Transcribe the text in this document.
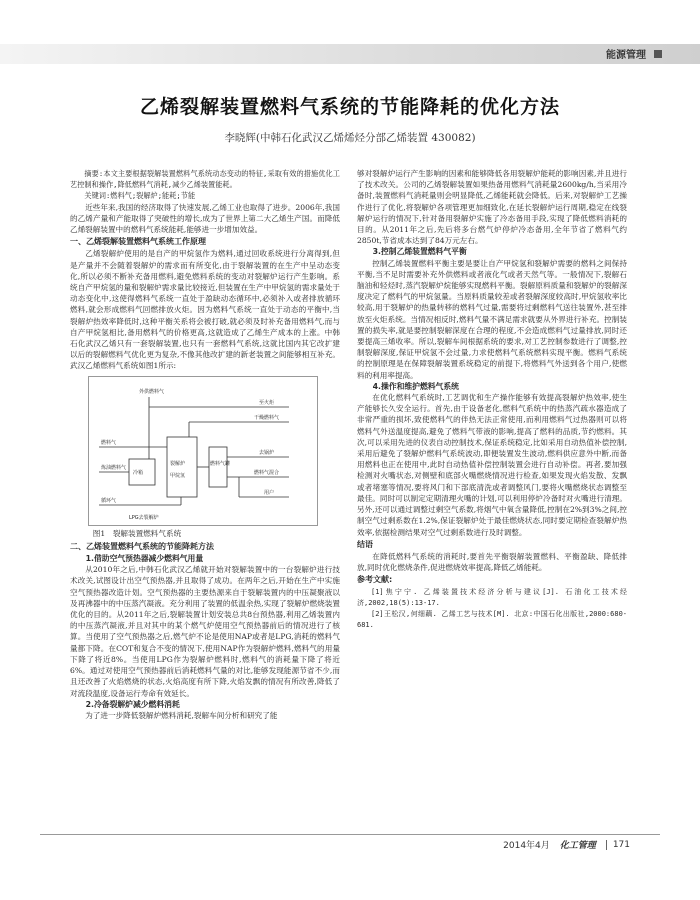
能源管理
乙烯裂解装置燃料气系统的节能降耗的优化方法
李晓辉(中韩石化武汉乙烯烯烃分部乙烯装置 430082)

摘要:本文主要根据裂解装置燃料气系统动态变动的特征,采取有效的措施优化工艺控制和操作,降低燃料气消耗,减少乙烯装置能耗。

关键词:燃料气;裂解炉;能耗;节能

近些年来,我国的经济取得了快速发展,乙烯工业也取得了进步。2006年,我国的乙烯产量和产能取得了突破性的增长,成为了世界上第二大乙烯生产国。而降低乙烯裂解装置中的燃料气系统能耗,能够进一步增加效益。

一、乙烯裂解装置燃料气系统工作原理

乙烯裂解炉使用的是自产的甲烷氢作为燃料,通过回收系统进行分离得到,但是产量并不会随着裂解炉的需求而有所变化,由于裂解装置的在生产中呈动态变化,所以必须不断补充备用燃料,避免燃料系统的变动对裂解炉运行产生影响。系统自产甲烷氢的量和裂解炉需求量比较接近,但装置在生产中甲烷氢的需求量处于动态变化中,这使得燃料气系统一直处于盈缺动态循环中,必须补入或者排放循环燃料,就会形成燃料气回燃排放火炬。因为燃料气系统一直处于动态的平衡中,当裂解炉热效率降低时,这种平衡关系将会被打破,就必须及时补充备用燃料气,而与自产甲烷氢相比,备用燃料气的价格更高,这就造成了乙烯生产成本的上涨。中韩石化武汉乙烯只有一套裂解装置,也只有一套燃料气系统,这就比国内其它改扩建以后的裂解燃料气优化更为复杂,不像其他改扩建的新老装置之间能够相互补充。武汉乙烯燃料气系统如图1所示:

外供燃料气
至火炬
干燥燃料气
燃料气
裂解炉
甲烷氢
炼油燃料气
冷箱
燃料气罐
去锅炉
燃料气混合
用户
循环气
LPG去裂解炉
图1　裂解装置燃料气系统
二、乙烯装置燃料气系统的节能降耗方法
1.借助空气预热器减少燃料气用量

从2010年之后,中韩石化武汉乙烯就开始对裂解装置中的一台裂解炉进行技术改关,试图设计出空气预热器,并且取得了成功。在两年之后,开始在生产中实施空气预热器改造计划。空气预热器的主要热源来自于裂解装置内的中压凝聚液以及再沸器中的中压蒸汽凝液。充分利用了装置的低温余热,实现了裂解炉燃烧装置优化的目的。从2011年之后,裂解装置计划安装总共8台预热器,利用乙烯装置内的中压蒸汽凝液,并且对其中的某个燃气炉使用空气预热器前后的情况进行了核算。当使用了空气预热器之后,燃气炉不论是使用NAP或者是LPG,消耗的燃料气量都下降。在COT和复合不变的情况下,使用NAP作为裂解炉燃料,燃料气的用量下降了将近8%。当使用LPG作为裂解炉燃料时,燃料气的消耗量下降了将近6%。通过对使用空气预热器前后消耗燃料气量的对比,能够发现能源节省不少,而且还改善了火焰燃烧的状态,火焰高度有所下降,火焰发飘的情况有所改善,降低了对流段温度,设备运行寿命有效延长。

2.冷备裂解炉减少燃料消耗

为了进一步降低裂解炉燃料消耗,裂解车间分析和研究了能

够对裂解炉运行产生影响的因素和能够降低各用裂解炉能耗的影响因素,并且进行了技术改关。公司的乙烯裂解装置如果热备用燃料气消耗量2600kg/h,当采用冷备时,装置燃料气消耗量则会明显降低,乙烯能耗就会降低。后来,对裂解炉工艺操作进行了优化,将裂解炉各项管理更加细致化,在延长裂解炉运行周期,稳定在线裂解炉运行的情况下,针对备用裂解炉实施了冷态备用手段,实现了降低燃料消耗的目的。从2011年之后,先后将多台燃气炉停炉冷态备用,全年节省了燃料气约2850t,节省成本达到了84万元左右。

3.控制乙烯装置燃料气平衡

控制乙烯装置燃料平衡主要是要让自产甲烷氢和裂解炉需要的燃料之间保持平衡,当不足时需要补充外供燃料或者液化气或者天然气等。一般情况下,裂解石脑油和轻烃时,蒸汽裂解炉烷能够实现燃料平衡。裂解原料质量和裂解炉的裂解深度决定了燃料气的甲烷氢量。当原料质量较差或者裂解深度较高时,甲烷氢收率比较高,用于裂解炉的热量转移的燃料气过量,需要将过剩燃料气送往装置外,甚至排放至火炬系统。当情况相反时,燃料气量不满足需求就要从外界进行补充。控制装置的损失率,就是要控制裂解深度在合理的程度,不会造成燃料气过量排放,同时还要提高三烯收率。所以,裂解车间根据系统的要求,对工艺控制参数进行了调整,控制裂解深度,保证甲烷氢不会过量,力求使燃料气系统燃料实现平衡。燃料气系统的控制原理是在保障裂解装置系统稳定的前提下,将燃料气外送到各个用户,使燃料的利用率提高。

4.操作和维护燃料气系统

在优化燃料气系统时,工艺调优和生产操作能够有效提高裂解炉热效率,使生产能够长久安全运行。首先,由于设备老化,燃料气系统中的热蒸汽疏水器造成了非常严重的损坏,致使燃料气的伴热无法正常使用,而利用燃料气过热器则可以将燃料气外送温度提高,避免了燃料气带液的影响,提高了燃料的品质,节约燃料。其次,可以采用先进的仪表自动控制技术,保证系统稳定,比如采用自动热值补偿控制,采用后避免了裂解炉燃料气系统波动,即便装置发生波动,燃料供应意外中断,而备用燃料也正在使用中,此时自动热值补偿控制装置会进行自动补偿。再者,要加强检测对火嘴状态,对侧壁和底部火嘴燃烧情况进行检查,如果发现火焰发散、发飘或者堵塞等情况,要将风门和下部底清洗或者调整风门,要将火嘴燃烧状态调整至最佳。同时可以制定定期清理火嘴的计划,可以利用停炉冷备时对火嘴进行清理。另外,还可以通过调整过剩空气系数,将烟气中氧含量降低,控制在2%到3%之间,控制空气过剩系数在1.2%,保证裂解炉处于最佳燃烧状态,同时要定期检查裂解炉热效率,依据检测结果对空气过剩系数进行及时调整。

结语

在降低燃料气系统的消耗时,要首先平衡裂解装置燃料、平衡盈缺、降低排放,同时优化燃烧条件,促进燃烧效率提高,降低乙烯能耗。

参考文献:

[1]焦宁宁. 乙烯装置技术经济分析与建议[J]. 石油化工技术经济,2002,18(5):13-17.

[2]王松汉,何细藕. 乙烯工艺与技术[M]. 北京:中国石化出版社,2000:680-681.

2014年4月 化工管理	171
